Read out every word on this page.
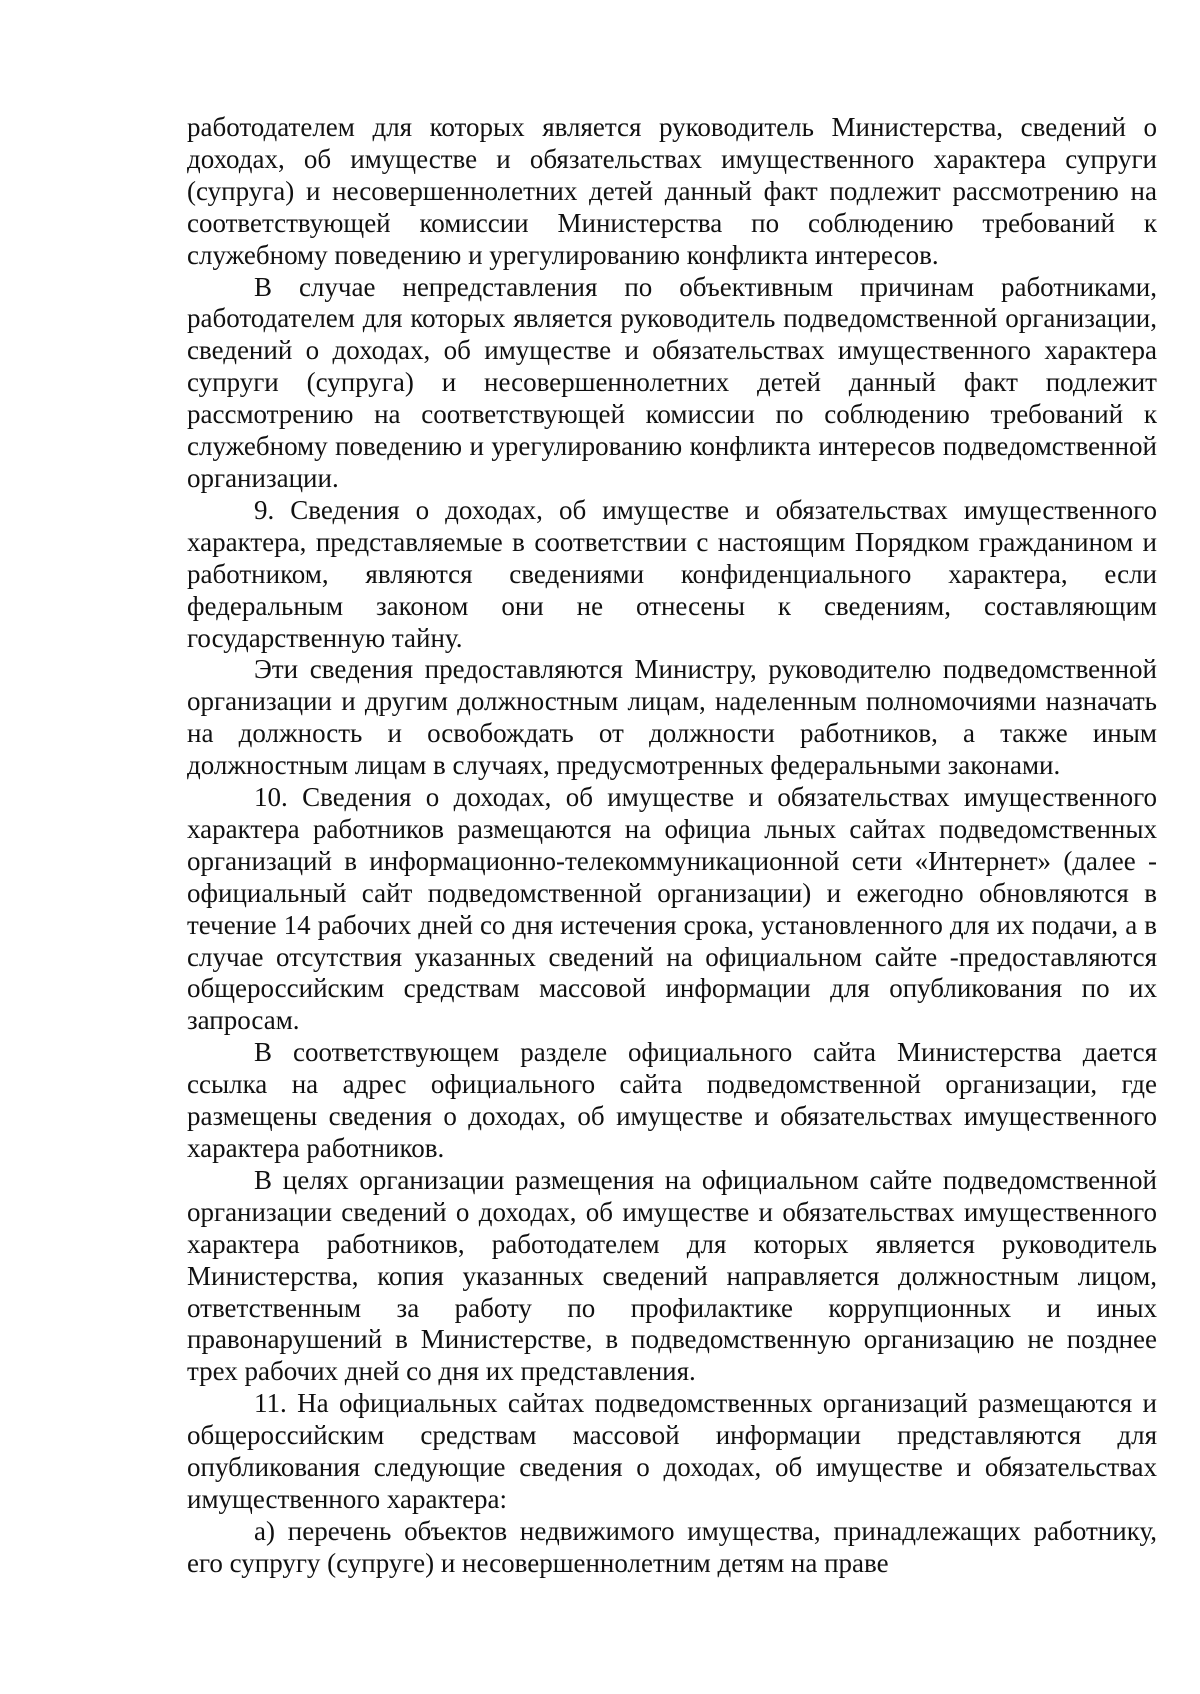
работодателем для которых является руководитель Министерства, сведений о доходах, об имуществе и обязательствах имущественного характера супруги (супруга) и несовершеннолетних детей данный факт подлежит рассмотрению на соответствующей комиссии Министерства по соблюдению требований к служебному поведению и урегулированию конфликта интересов.

В случае непредставления по объективным причинам работниками, работодателем для которых является руководитель подведомственной организации, сведений о доходах, об имуществе и обязательствах имущественного характера супруги (супруга) и несовершеннолетних детей данный факт подлежит рассмотрению на соответствующей комиссии по соблюдению требований к служебному поведению и урегулированию конфликта интересов подведомственной организации.

9. Сведения о доходах, об имуществе и обязательствах имущественного характера, представляемые в соответствии с настоящим Порядком гражданином и работником, являются сведениями конфиденциального характера, если федеральным законом они не отнесены к сведениям, составляющим государственную тайну.

Эти сведения предоставляются Министру, руководителю подведомственной организации и другим должностным лицам, наделенным полномочиями назначать на должность и освобождать от должности работников, а также иным должностным лицам в случаях, предусмотренных федеральными законами.

10. Сведения о доходах, об имуществе и обязательствах имущественного характера работников размещаются на официа льных сайтах подведомственных организаций в информационно-телекоммуникационной сети «Интернет» (далее - официальный сайт подведомственной организации) и ежегодно обновляются в течение 14 рабочих дней со дня истечения срока, установленного для их подачи, а в случае отсутствия указанных сведений на официальном сайте -предоставляются общероссийским средствам массовой информации для опубликования по их запросам.

В соответствующем разделе официального сайта Министерства дается ссылка на адрес официального сайта подведомственной организации, где размещены сведения о доходах, об имуществе и обязательствах имущественного характера работников.

В целях организации размещения на официальном сайте подведомственной организации сведений о доходах, об имуществе и обязательствах имущественного характера работников, работодателем для которых является руководитель Министерства, копия указанных сведений направляется должностным лицом, ответственным за работу по профилактике коррупционных и иных правонарушений в Министерстве, в подведомственную организацию не позднее трех рабочих дней со дня их представления.

11. На официальных сайтах подведомственных организаций размещаются и общероссийским средствам массовой информации представляются для опубликования следующие сведения о доходах, об имуществе и обязательствах имущественного характера:

а) перечень объектов недвижимого имущества, принадлежащих работнику, его супругу (супруге) и несовершеннолетним детям на праве
